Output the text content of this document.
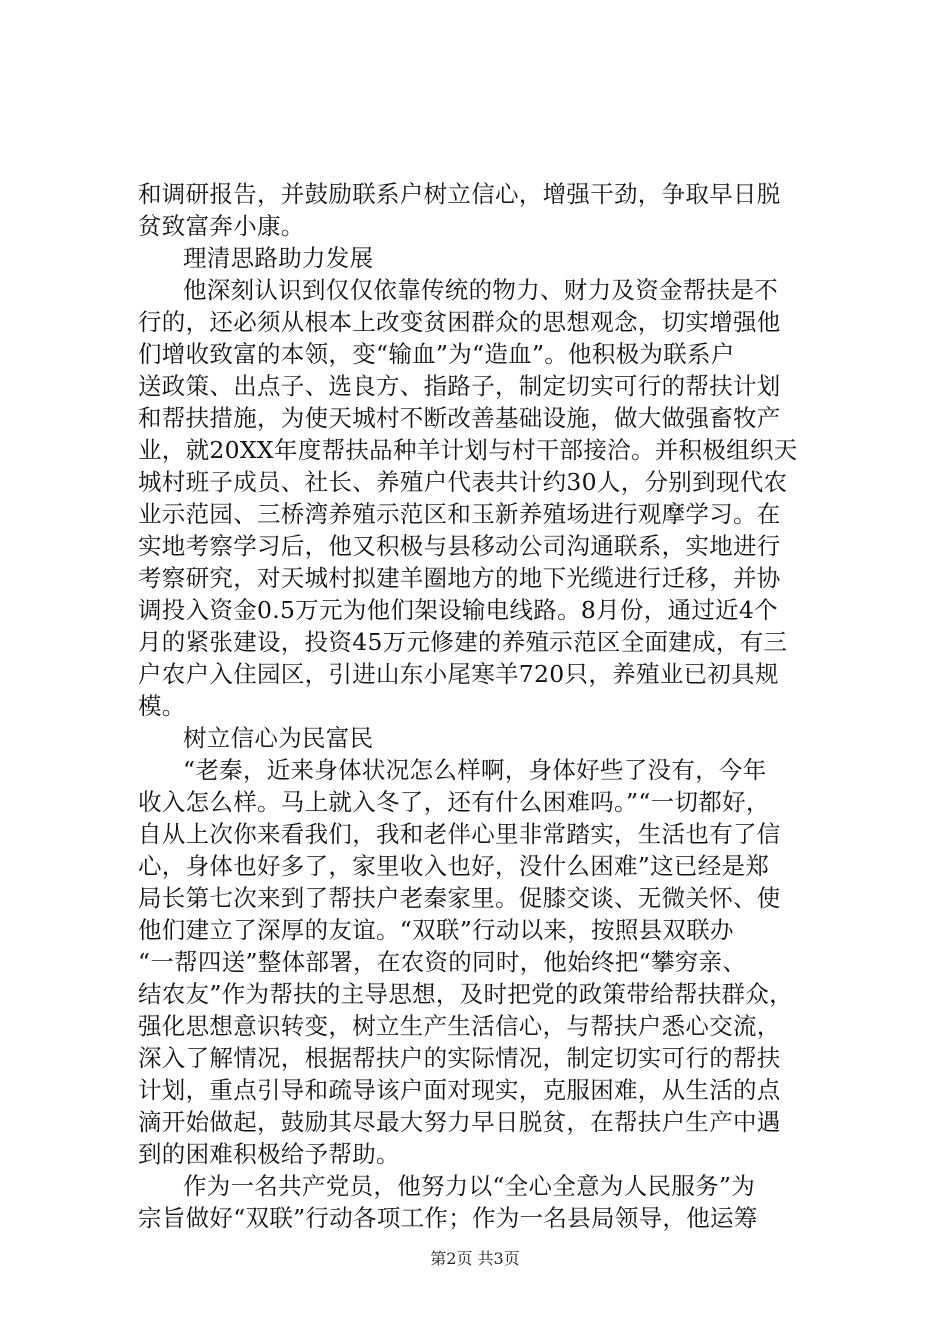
和调研报告，并鼓励联系户树立信心，增强干劲，争取早日脱
贫致富奔小康。
理清思路助力发展
他深刻认识到仅仅依靠传统的物力、财力及资金帮扶是不
行的，还必须从根本上改变贫困群众的思想观念，切实增强他
们增收致富的本领，变“输血”为“造血”。他积极为联系户
送政策、出点子、选良方、指路子，制定切实可行的帮扶计划
和帮扶措施，为使天城村不断改善基础设施，做大做强畜牧产
业，就20XX年度帮扶品种羊计划与村干部接洽。并积极组织天
城村班子成员、社长、养殖户代表共计约30人，分别到现代农
业示范园、三桥湾养殖示范区和玉新养殖场进行观摩学习。在
实地考察学习后，他又积极与县移动公司沟通联系，实地进行
考察研究，对天城村拟建羊圈地方的地下光缆进行迁移，并协
调投入资金0.5万元为他们架设输电线路。8月份，通过近4个
月的紧张建设，投资45万元修建的养殖示范区全面建成，有三
户农户入住园区，引进山东小尾寒羊720只，养殖业已初具规
模。
树立信心为民富民
“老秦，近来身体状况怎么样啊，身体好些了没有，今年
收入怎么样。马上就入冬了，还有什么困难吗。”“一切都好，
自从上次你来看我们，我和老伴心里非常踏实，生活也有了信
心，身体也好多了，家里收入也好，没什么困难”这已经是郑
局长第七次来到了帮扶户老秦家里。促膝交谈、无微关怀、使
他们建立了深厚的友谊。“双联”行动以来，按照县双联办
“一帮四送”整体部署，在农资的同时，他始终把“攀穷亲、
结农友”作为帮扶的主导思想，及时把党的政策带给帮扶群众，
强化思想意识转变，树立生产生活信心，与帮扶户悉心交流，
深入了解情况，根据帮扶户的实际情况，制定切实可行的帮扶
计划，重点引导和疏导该户面对现实，克服困难，从生活的点
滴开始做起，鼓励其尽最大努力早日脱贫，在帮扶户生产中遇
到的困难积极给予帮助。
作为一名共产党员，他努力以“全心全意为人民服务”为
宗旨做好“双联”行动各项工作；作为一名县局领导，他运筹
第2页 共3页
